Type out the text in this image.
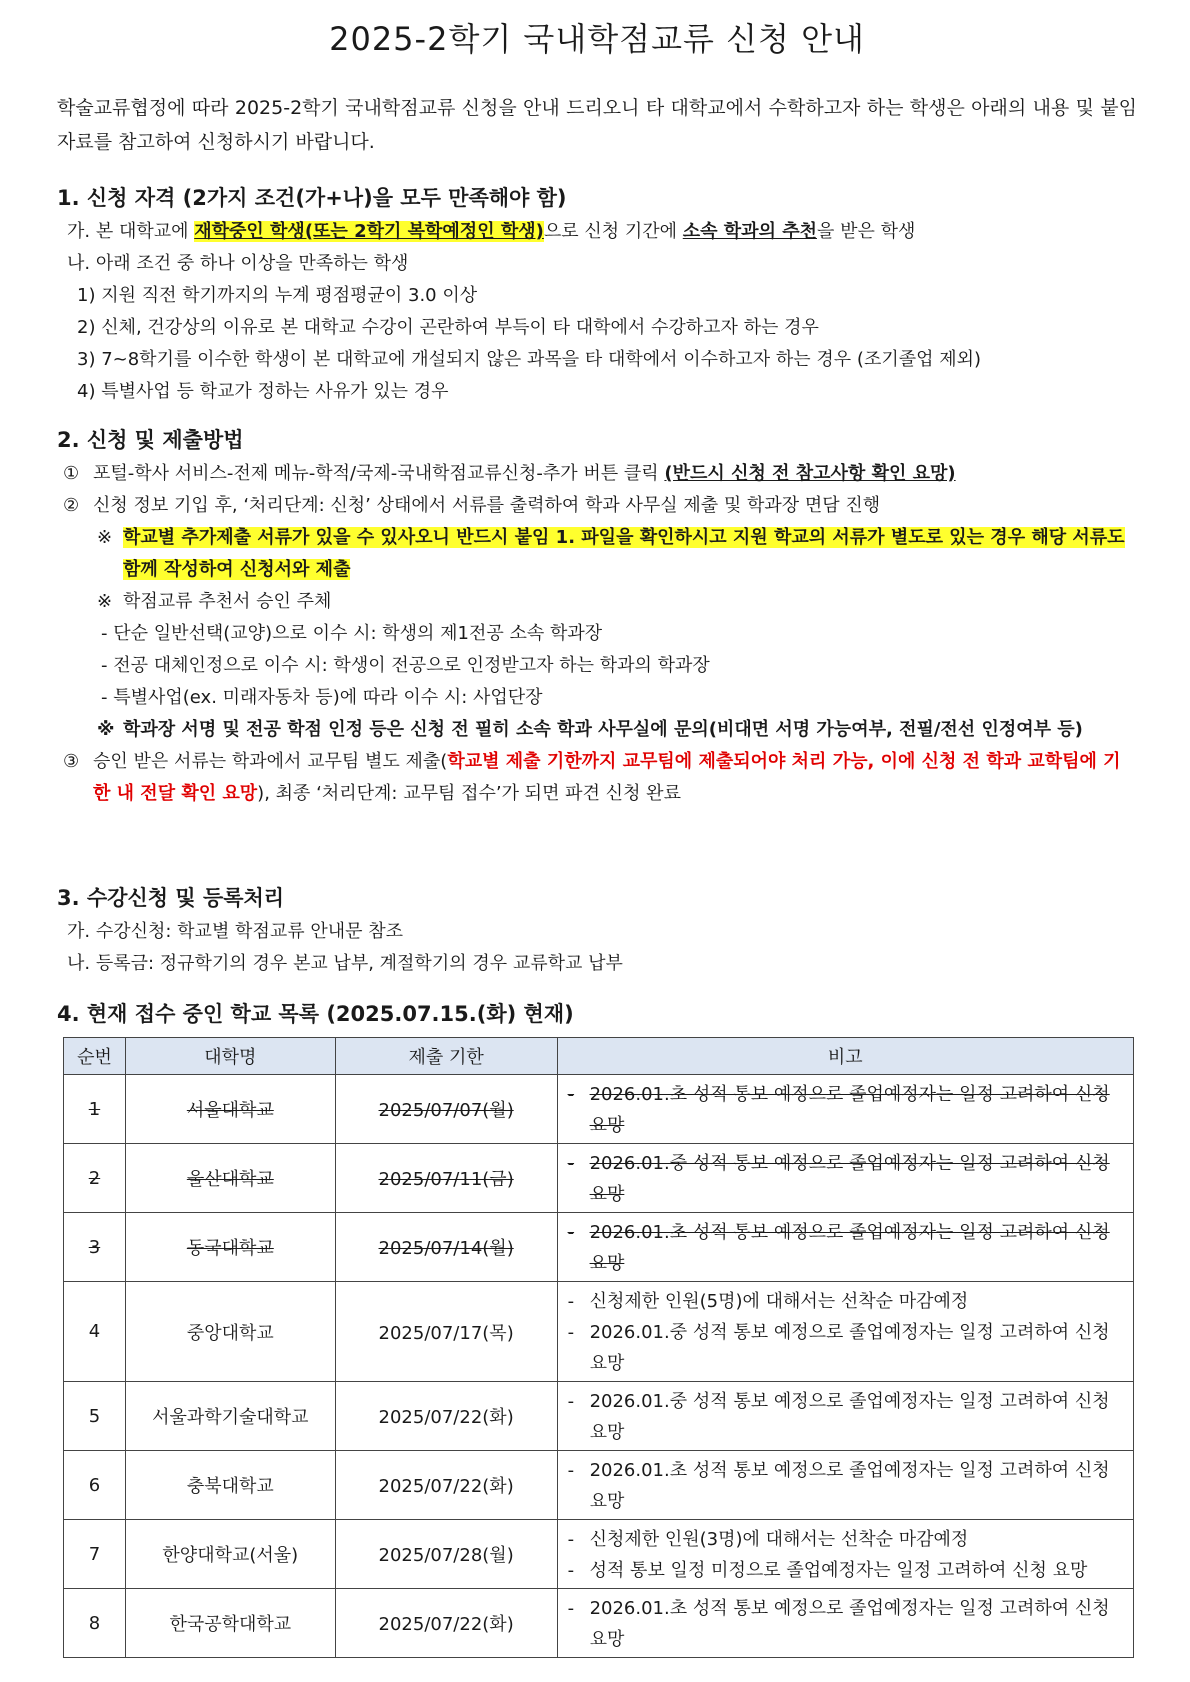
2025-2학기 국내학점교류 신청 안내

학술교류협정에 따라 2025-2학기 국내학점교류 신청을 안내 드리오니 타 대학교에서 수학하고자 하는 학생은 아래의 내용 및 붙임 자료를 참고하여 신청하시기 바랍니다.

1. 신청 자격 (2가지 조건(가+나)을 모두 만족해야 함)
가. 본 대학교에 재학중인 학생(또는 2학기 복학예정인 학생)으로 신청 기간에 소속 학과의 추천을 받은 학생
나. 아래 조건 중 하나 이상을 만족하는 학생
1) 지원 직전 학기까지의 누계 평점평균이 3.0 이상
2) 신체, 건강상의 이유로 본 대학교 수강이 곤란하여 부득이 타 대학에서 수강하고자 하는 경우
3) 7~8학기를 이수한 학생이 본 대학교에 개설되지 않은 과목을 타 대학에서 이수하고자 하는 경우 (조기졸업 제외)
4) 특별사업 등 학교가 정하는 사유가 있는 경우
2. 신청 및 제출방법
① 포털-학사 서비스-전제 메뉴-학적/국제-국내학점교류신청-추가 버튼 클릭 (반드시 신청 전 참고사항 확인 요망)
② 신청 정보 기입 후, ‘처리단계: 신청’ 상태에서 서류를 출력하여 학과 사무실 제출 및 학과장 면담 진행
※ 학교별 추가제출 서류가 있을 수 있사오니 반드시 붙임 1. 파일을 확인하시고 지원 학교의 서류가 별도로 있는 경우 해당 서류도 함께 작성하여 신청서와 제출
※ 학점교류 추천서 승인 주체
- 단순 일반선택(교양)으로 이수 시: 학생의 제1전공 소속 학과장
- 전공 대체인정으로 이수 시: 학생이 전공으로 인정받고자 하는 학과의 학과장
- 특별사업(ex. 미래자동차 등)에 따라 이수 시: 사업단장
※ 학과장 서명 및 전공 학점 인정 등은 신청 전 필히 소속 학과 사무실에 문의(비대면 서명 가능여부, 전필/전선 인정여부 등)
③ 승인 받은 서류는 학과에서 교무팀 별도 제출(학교별 제출 기한까지 교무팀에 제출되어야 처리 가능, 이에 신청 전 학과 교학팀에 기한 내 전달 확인 요망), 최종 ‘처리단계: 교무팀 접수’가 되면 파견 신청 완료
3. 수강신청 및 등록처리
가. 수강신청: 학교별 학점교류 안내문 참조
나. 등록금: 정규학기의 경우 본교 납부, 계절학기의 경우 교류학교 납부
4. 현재 접수 중인 학교 목록 (2025.07.15.(화) 현재)
순번	대학명	제출 기한	비고
1	서울대학교	2025/07/07(월)	- 2026.01.초 성적 통보 예정으로 졸업예정자는 일정 고려하여 신청 요망

2	울산대학교	2025/07/11(금)	- 2026.01.중 성적 통보 예정으로 졸업예정자는 일정 고려하여 신청 요망

3	동국대학교	2025/07/14(월)	- 2026.01.초 성적 통보 예정으로 졸업예정자는 일정 고려하여 신청 요망

4	중앙대학교	2025/07/17(목)	- 신청제한 인원(5명)에 대해서는 선착순 마감예정
- 2026.01.중 성적 통보 예정으로 졸업예정자는 일정 고려하여 신청 요망

5	서울과학기술대학교	2025/07/22(화)	- 2026.01.중 성적 통보 예정으로 졸업예정자는 일정 고려하여 신청 요망

6	충북대학교	2025/07/22(화)	- 2026.01.초 성적 통보 예정으로 졸업예정자는 일정 고려하여 신청 요망

7	한양대학교(서울)	2025/07/28(월)	- 신청제한 인원(3명)에 대해서는 선착순 마감예정
- 성적 통보 일정 미정으로 졸업예정자는 일정 고려하여 신청 요망

8	한국공학대학교	2025/07/22(화)	- 2026.01.초 성적 통보 예정으로 졸업예정자는 일정 고려하여 신청 요망
